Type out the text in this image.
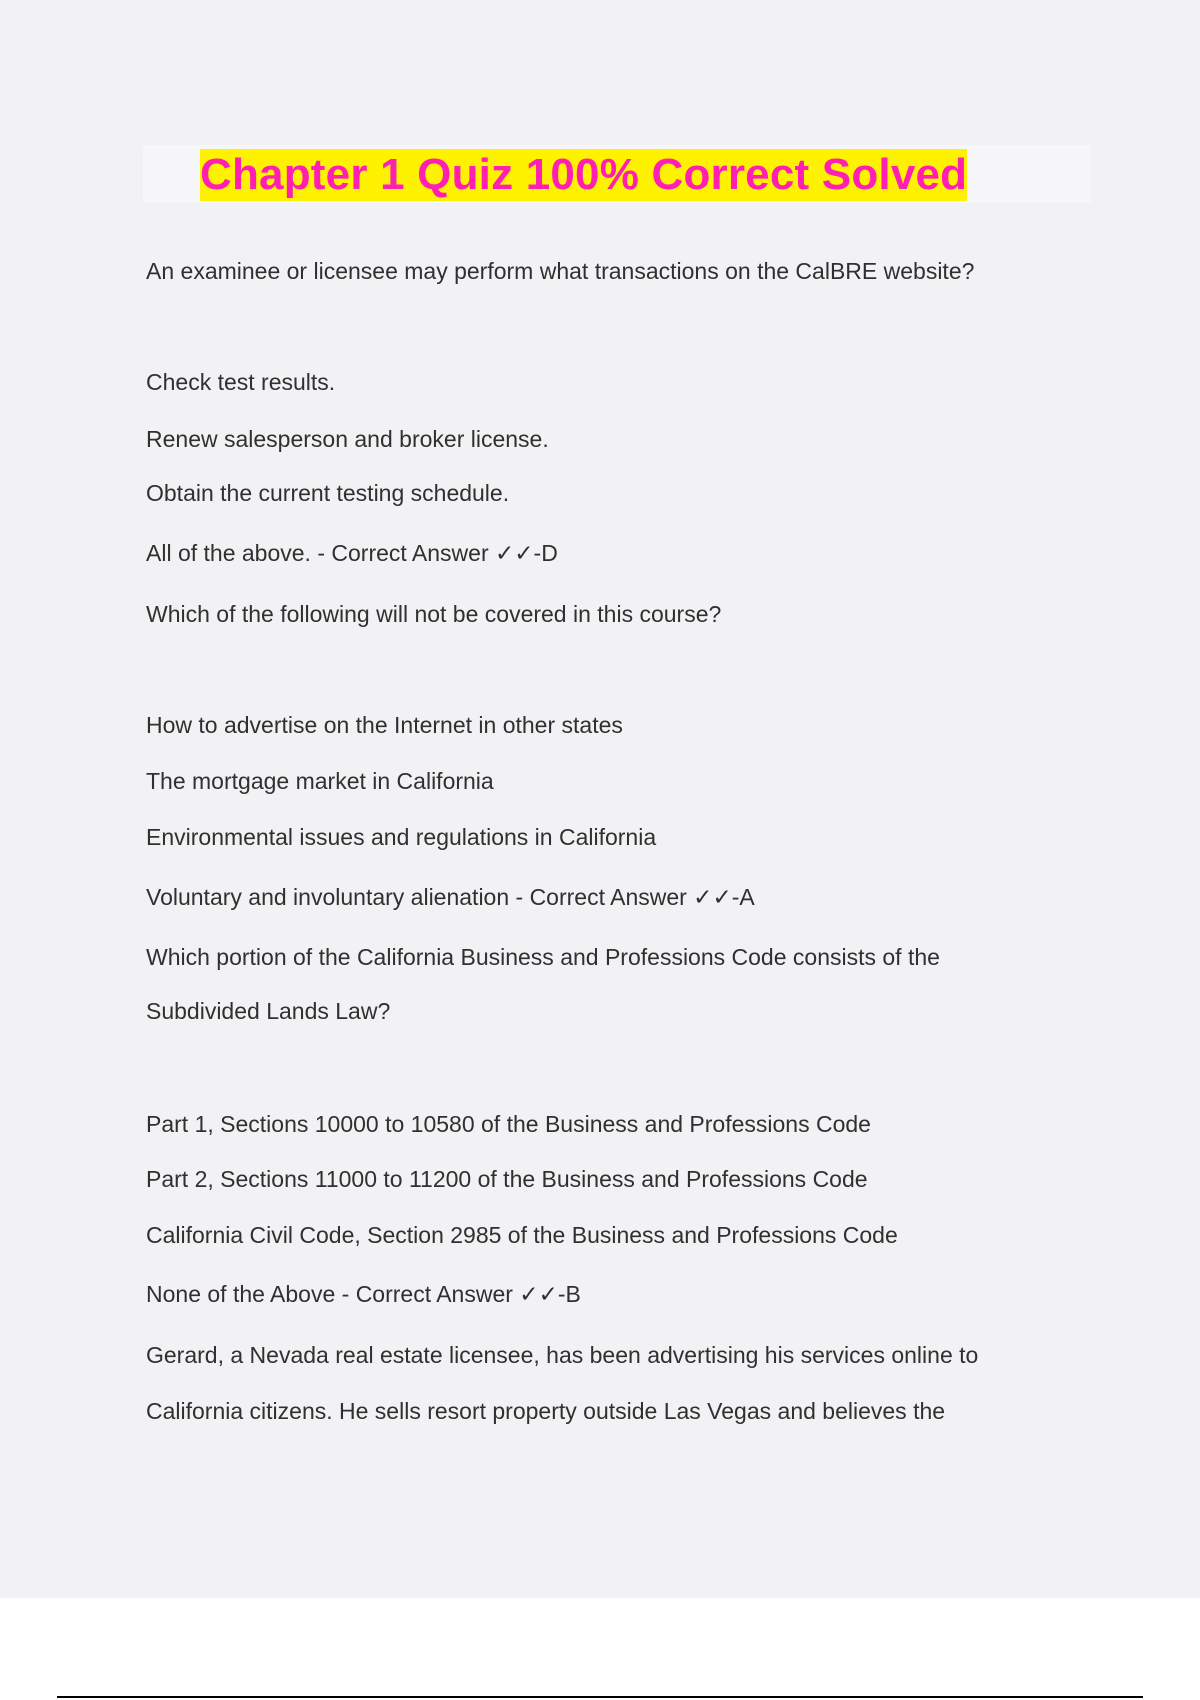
Chapter 1 Quiz 100% Correct Solved

An examinee or licensee may perform what transactions on the CalBRE website?

Check test results.

Renew salesperson and broker license.

Obtain the current testing schedule.

All of the above. - Correct Answer ✓✓-D

Which of the following will not be covered in this course?

How to advertise on the Internet in other states

The mortgage market in California

Environmental issues and regulations in California

Voluntary and involuntary alienation - Correct Answer ✓✓-A

Which portion of the California Business and Professions Code consists of the

Subdivided Lands Law?

Part 1, Sections 10000 to 10580 of the Business and Professions Code

Part 2, Sections 11000 to 11200 of the Business and Professions Code

California Civil Code, Section 2985 of the Business and Professions Code

None of the Above - Correct Answer ✓✓-B

Gerard, a Nevada real estate licensee, has been advertising his services online to

California citizens. He sells resort property outside Las Vegas and believes the
